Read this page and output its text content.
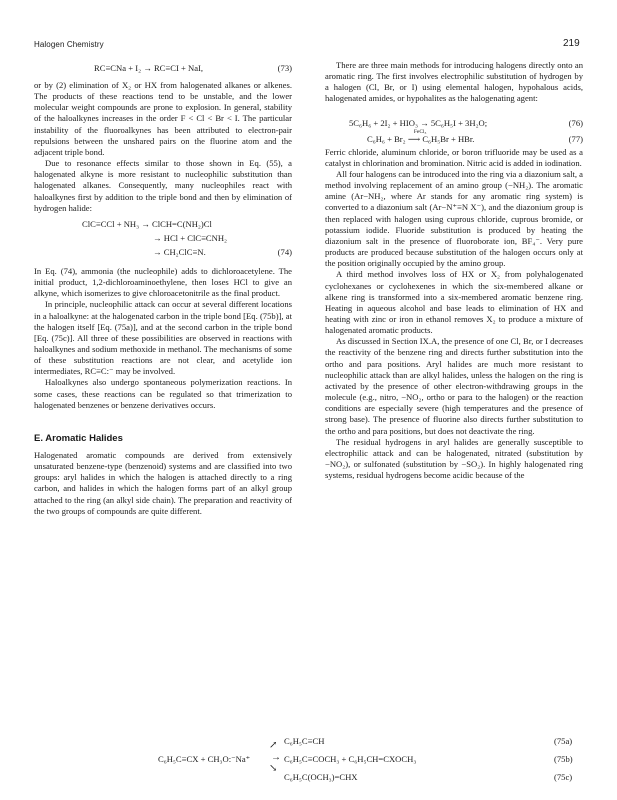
Halogen Chemistry	219
RC≡CNa + I₂ → RC≡CI + NaI,	(73)

or by (2) elimination of X₂ or HX from halogenated alkanes or alkenes. The products of these reactions tend to be unstable, and the lower molecular weight compounds are prone to explosion. In general, stability of the haloalkynes increases in the order F < Cl < Br < I. The particular instability of the fluoroalkynes has been attributed to electron-pair repulsions between the unshared pairs on the fluorine atom and the adjacent triple bond.

Due to resonance effects similar to those shown in Eq. (55), a halogenated alkyne is more resistant to nucleophilic substitution than halogenated alkanes. Consequently, many nucleophiles react with haloalkynes first by addition to the triple bond and then by elimination of hydrogen halide:

ClC≡CCl + NH₃ → ClCH=C(NH₂)Cl
→ HCl + ClC≡CNH₂
→ CH₂ClC≡N.	(74)

In Eq. (74), ammonia (the nucleophile) adds to dichloroacetylene. The initial product, 1,2-dichloroaminoethylene, then loses HCl to give an alkyne, which isomerizes to give chloroacetonitrile as the final product.

In principle, nucleophilic attack can occur at several different locations in a haloalkyne: at the halogenated carbon in the triple bond [Eq. (75b)], at the halogen itself [Eq. (75a)], and at the second carbon in the triple bond [Eq. (75c)]. All three of these possibilities are observed in reactions with haloalkynes and sodium methoxide in methanol. The mechanisms of some of these substitution reactions are not clear, and acetylide ion intermediates, RC≡C:⁻ may be involved.

Haloalkynes also undergo spontaneous polymerization reactions. In some cases, these reactions can be regulated so that trimerization to halogenated benzenes or benzene derivatives occurs.

E. Aromatic Halides

Halogenated aromatic compounds are derived from extensively unsaturated benzene-type (benzenoid) systems and are classified into two groups: aryl halides in which the halogen is attached directly to a ring carbon, and halides in which the halogen forms part of an alkyl group attached to the ring (an alkyl side chain). The preparation and reactivity of the two groups of compounds are quite different.

There are three main methods for introducing halogens directly onto an aromatic ring. The first involves electrophilic substitution of hydrogen by a halogen (Cl, Br, or I) using elemental halogen, hypohalous acids, halogenated amides, or hypohalites as the halogenating agent:

5C₆H₆ + 2I₂ + HIO₃ → 5C₆H₅I + 3H₂O;	(76)
C₆H₆ + Br₂
FeCl₃
⟶ C₆H₅Br + HBr.	(77)

Ferric chloride, aluminum chloride, or boron trifluoride may be used as a catalyst in chlorination and bromination. Nitric acid is added in iodination.

All four halogens can be introduced into the ring via a diazonium salt, a method involving replacement of an amino group (−NH₂). The aromatic amine (Ar−NH₂, where Ar stands for any aromatic ring system) is converted to a diazonium salt (Ar−N⁺≡N X⁻), and the diazonium group is then replaced with halogen using cuprous chloride, cuprous bromide, or potassium iodide. Fluoride substitution is produced by heating the diazonium salt in the presence of fluoroborate ion, BF₄⁻. Very pure products are produced because substitution of the halogen occurs only at the position originally occupied by the amino group.

A third method involves loss of HX or X₂ from polyhalogenated cyclohexanes or cyclohexenes in which the six-membered alkane or alkene ring is transformed into a six-membered aromatic benzene ring. Heating in aqueous alcohol and base leads to elimination of HX and heating with zinc or iron in ethanol removes X₂ to produce a mixture of halogenated aromatic products.

As discussed in Section IX.A, the presence of one Cl, Br, or I decreases the reactivity of the benzene ring and directs further substitution into the ortho and para positions. Aryl halides are much more resistant to nucleophilic attack than are alkyl halides, unless the halogen on the ring is activated by the presence of other electron-withdrawing groups in the molecule (e.g., nitro, −NO₂, ortho or para to the halogen) or the reaction conditions are especially severe (high temperatures and the presence of strong base). The presence of fluorine also directs further substitution to the ortho and para positions, but does not deactivate the ring.

The residual hydrogens in aryl halides are generally susceptible to electrophilic attack and can be halogenated, nitrated (substitution by −NO₂), or sulfonated (substitution by −SO₂). In highly halogenated ring systems, residual hydrogens become acidic because of the

C₆H₅C≡CH	(75a)
↗
C₆H₅C≡CX + CH₃O:⁻Na⁺ → C₆H₅C≡COCH₃ + C₆H₅CH=CXOCH₃	(75b)
↘
C₆H₅C(OCH₃)=CHX	(75c)
